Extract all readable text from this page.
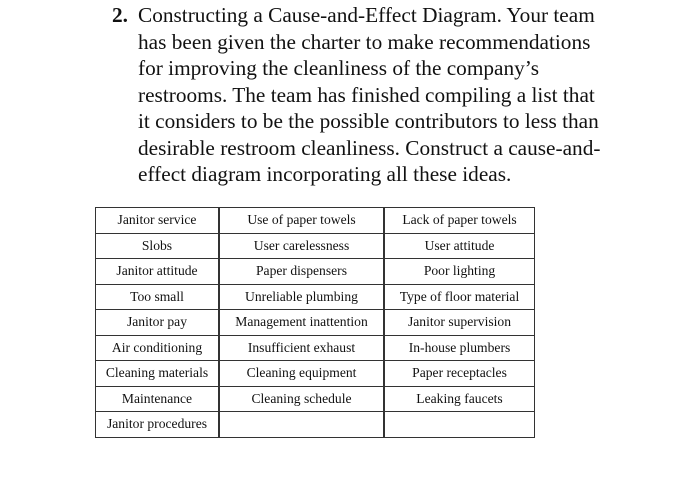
2. Constructing a Cause-and-Effect Diagram. Your team
has been given the charter to make recommendations
for improving the cleanliness of the company’s
restrooms. The team has finished compiling a list that
it considers to be the possible contributors to less than
desirable restroom cleanliness. Construct a cause-and-
effect diagram incorporating all these ideas.
Janitor service	Use of paper towels	Lack of paper towels
Slobs	User carelessness	User attitude
Janitor attitude	Paper dispensers	Poor lighting
Too small	Unreliable plumbing	Type of floor material
Janitor pay	Management inattention	Janitor supervision
Air conditioning	Insufficient exhaust	In-house plumbers
Cleaning materials	Cleaning equipment	Paper receptacles
Maintenance	Cleaning schedule	Leaking faucets
Janitor procedures		
